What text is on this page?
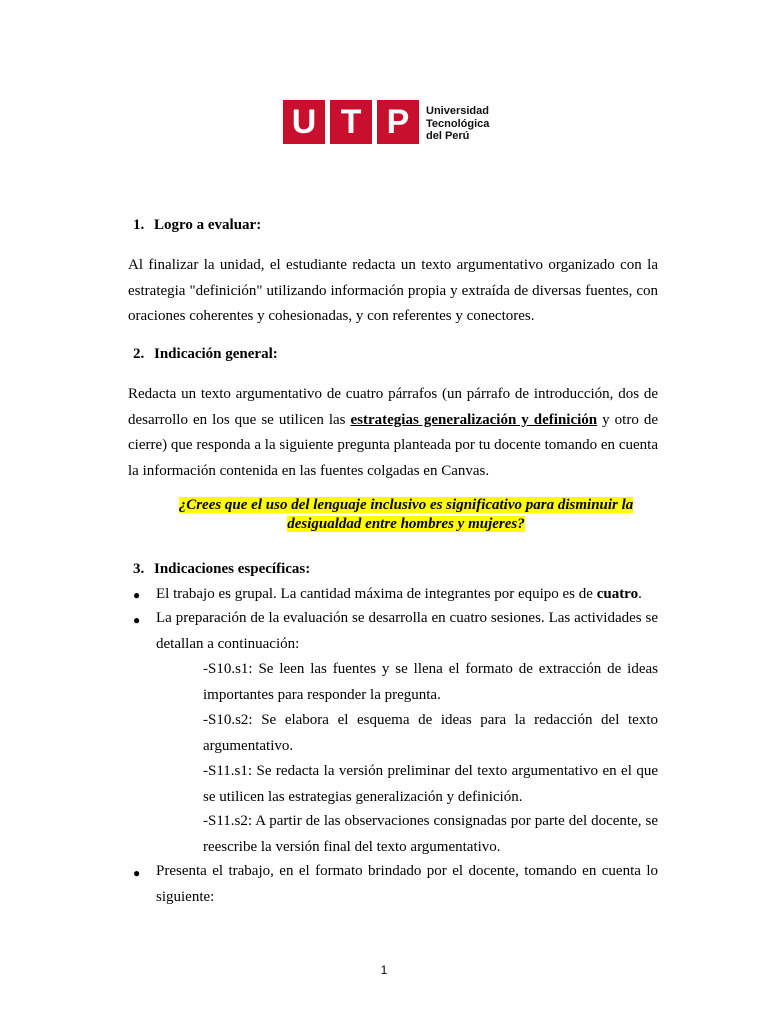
U T P	Universidad
Tecnológica
del Perú
1. Logro a evaluar:
Al finalizar la unidad, el estudiante redacta un texto argumentativo organizado con la estrategia "definición" utilizando información propia y extraída de diversas fuentes, con oraciones coherentes y cohesionadas, y con referentes y conectores.
2. Indicación general:
Redacta un texto argumentativo de cuatro párrafos (un párrafo de introducción, dos de desarrollo en los que se utilicen las estrategias generalización y definición y otro de cierre) que responda a la siguiente pregunta planteada por tu docente tomando en cuenta la información contenida en las fuentes colgadas en Canvas.
¿Crees que el uso del lenguaje inclusivo es significativo para disminuir la
desigualdad entre hombres y mujeres?
3. Indicaciones específicas:
● El trabajo es grupal. La cantidad máxima de integrantes por equipo es de cuatro.
● La preparación de la evaluación se desarrolla en cuatro sesiones. Las actividades se detallan a continuación:
-S10.s1: Se leen las fuentes y se llena el formato de extracción de ideas importantes para responder la pregunta.
-S10.s2: Se elabora el esquema de ideas para la redacción del texto argumentativo.
-S11.s1: Se redacta la versión preliminar del texto argumentativo en el que se utilicen las estrategias generalización y definición.
-S11.s2: A partir de las observaciones consignadas por parte del docente, se reescribe la versión final del texto argumentativo.
● Presenta el trabajo, en el formato brindado por el docente, tomando en cuenta lo siguiente:
1
